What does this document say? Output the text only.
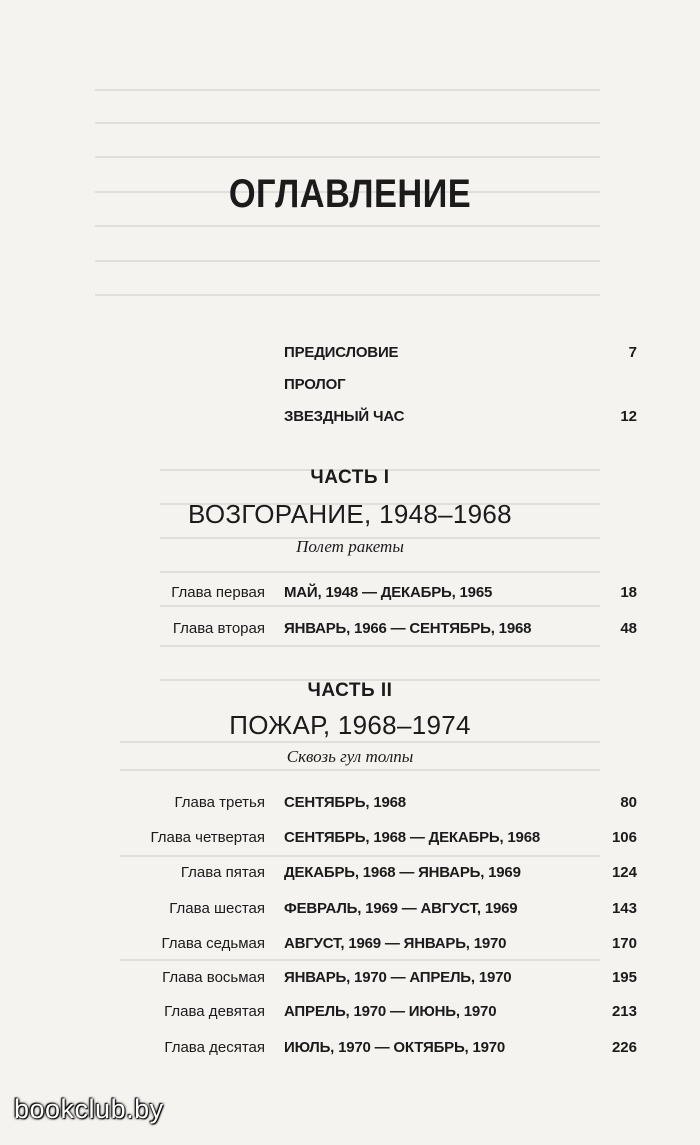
ОГЛАВЛЕНИЕ
ПРЕДИСЛОВИЕ	7
ПРОЛОГ
ЗВЕЗДНЫЙ ЧАС	12
ЧАСТЬ I
ВОЗГОРАНИЕ, 1948–1968
Полет ракеты
Глава первая МАЙ, 1948 — ДЕКАБРЬ, 1965	18
Глава вторая ЯНВАРЬ, 1966 — СЕНТЯБРЬ, 1968	48
ЧАСТЬ II
ПОЖАР, 1968–1974
Сквозь гул толпы
Глава третья СЕНТЯБРЬ, 1968	80
Глава четвертая СЕНТЯБРЬ, 1968 — ДЕКАБРЬ, 1968	106
Глава пятая ДЕКАБРЬ, 1968 — ЯНВАРЬ, 1969	124
Глава шестая ФЕВРАЛЬ, 1969 — АВГУСТ, 1969	143
Глава седьмая АВГУСТ, 1969 — ЯНВАРЬ, 1970	170
Глава восьмая ЯНВАРЬ, 1970 — АПРЕЛЬ, 1970	195
Глава девятая АПРЕЛЬ, 1970 — ИЮНЬ, 1970	213
Глава десятая ИЮЛЬ, 1970 — ОКТЯБРЬ, 1970	226
bookclub.by
